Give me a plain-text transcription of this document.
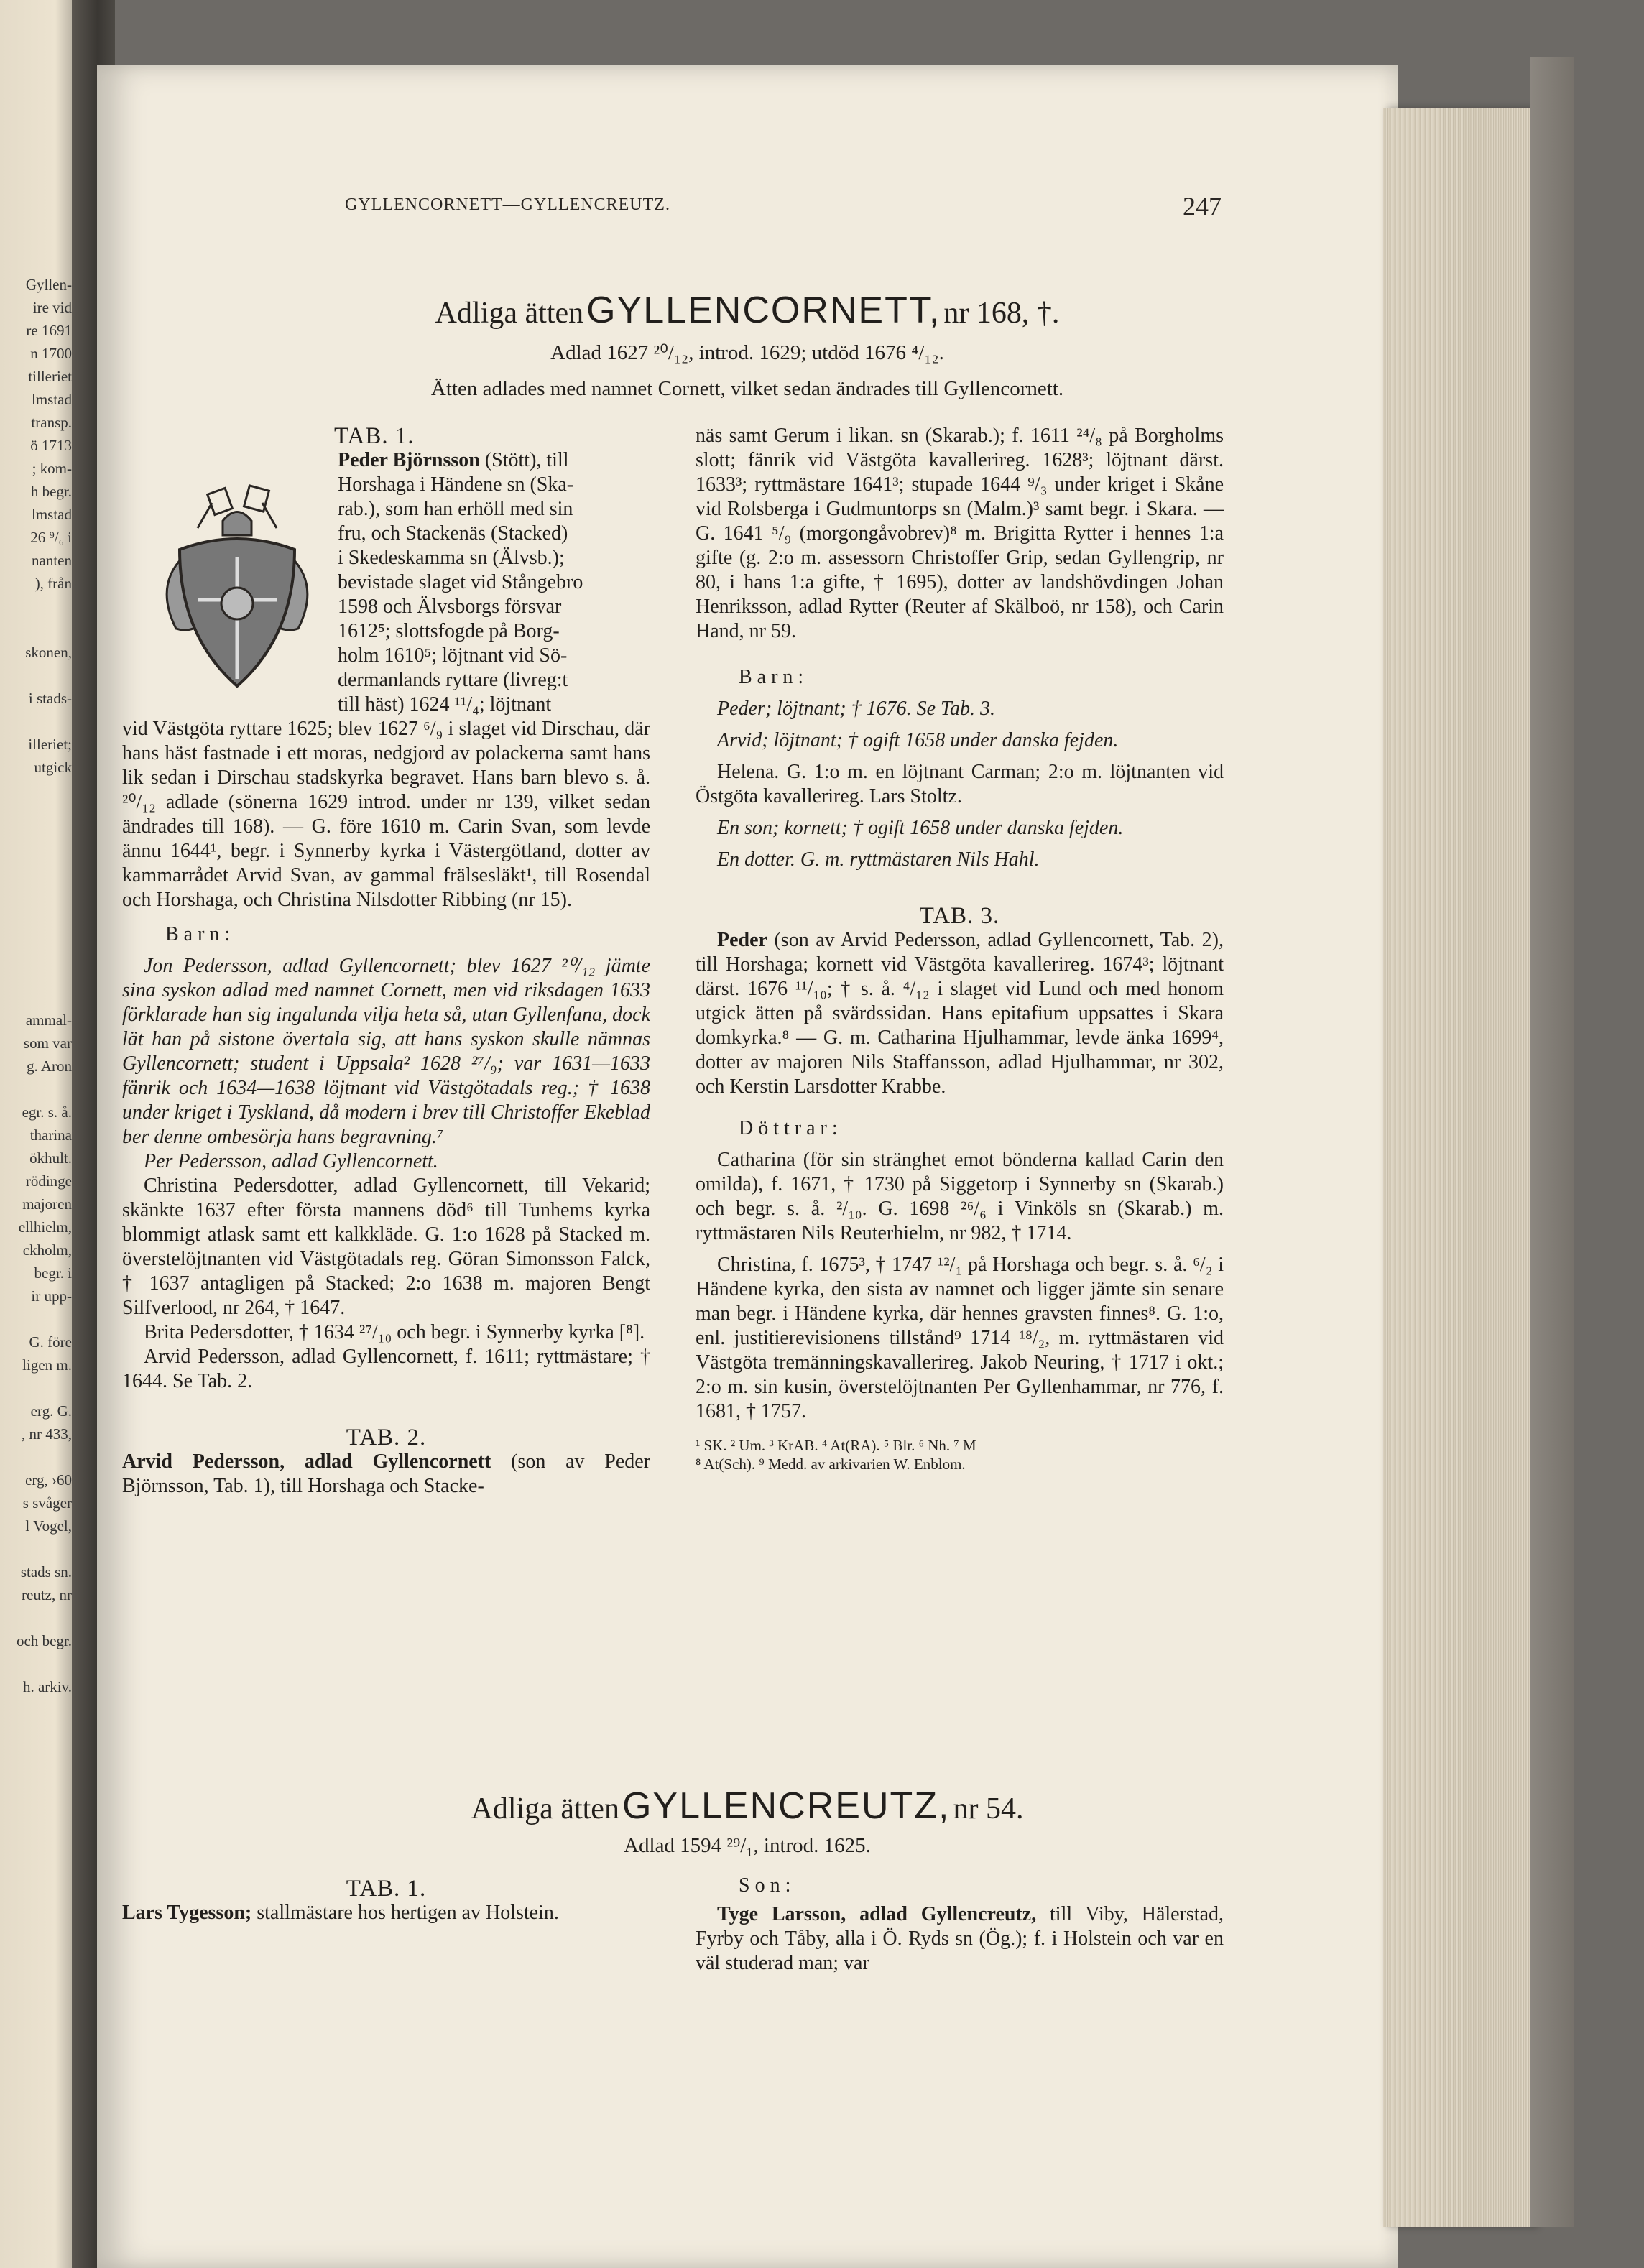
Gyllen-
ire vid
re 1691
n 1700
tilleriet
lmstad
transp.
ö 1713
; kom-
h begr.
lmstad
26 ⁹/₆ i
nanten
), från

skonen,

i stads-

illeriet;
utgick

ammal-
som var
g. Aron

egr. s. å.
tharina
ökhult.
rödinge
majoren
ellhielm,
ckholm,
begr. i
ir upp-

G. före
ligen m.

erg. G.
, nr 433,

erg, ›60
s svåger
l Vogel,

stads sn.
reutz, nr

och begr.

h. arkiv.
GYLLENCORNETT—GYLLENCREUTZ.	247
Adliga ätten GYLLENCORNETT, nr 168, †.
Adlad 1627 ²⁰/₁₂, introd. 1629; utdöd 1676 ⁴/₁₂.
Ätten adlades med namnet Cornett, vilket sedan ändrades till Gyllencornett.

TAB. 1.

Peder Björnsson (Stött), till
Horshaga i Händene sn (Ska-
rab.), som han erhöll med sin
fru, och Stackenäs (Stacked)
i Skedeskamma sn (Älvsb.);
bevistade slaget vid Stångebro
1598 och Älvsborgs försvar
1612⁵; slottsfogde på Borg-
holm 1610⁵; löjtnant vid Sö-
dermanlands ryttare (livreg:t
till häst) 1624 ¹¹/₄; löjtnant

vid Västgöta ryttare 1625; blev 1627 ⁶/₉ i slaget vid Dirschau, där hans häst fastnade i ett moras, nedgjord av polackerna samt hans lik sedan i Dirschau stadskyrka begravet. Hans barn blevo s. å. ²⁰/₁₂ adlade (sönerna 1629 introd. under nr 139, vilket sedan ändrades till 168). — G. före 1610 m. Carin Svan, som levde ännu 1644¹, begr. i Synnerby kyrka i Västergötland, dotter av kammarrådet Arvid Svan, av gammal frälsesläkt¹, till Rosendal och Horshaga, och Christina Nilsdotter Ribbing (nr 15).

Barn:

Jon Pedersson, adlad Gyllencornett; blev 1627 ²⁰/₁₂ jämte sina syskon adlad med namnet Cornett, men vid riksdagen 1633 förklarade han sig ingalunda vilja heta så, utan Gyllenfana, dock lät han på sistone övertala sig, att hans syskon skulle nämnas Gyllencornett; student i Uppsala² 1628 ²⁷/₉; var 1631—1633 fänrik och 1634—1638 löjtnant vid Västgötadals reg.; † 1638 under kriget i Tyskland, då modern i brev till Christoffer Ekeblad ber denne ombesörja hans begravning.⁷

Per Pedersson, adlad Gyllencornett.

Christina Pedersdotter, adlad Gyllencornett, till Vekarid; skänkte 1637 efter första mannens död⁶ till Tunhems kyrka blommigt atlask samt ett kalkkläde. G. 1:o 1628 på Stacked m. överstelöjtnanten vid Västgötadals reg. Göran Simonsson Falck, † 1637 antagligen på Stacked; 2:o 1638 m. majoren Bengt Silfverlood, nr 264, † 1647.

Brita Pedersdotter, † 1634 ²⁷/₁₀ och begr. i Synnerby kyrka [⁸].

Arvid Pedersson, adlad Gyllencornett, f. 1611; ryttmästare; † 1644. Se Tab. 2.

TAB. 2.

Arvid Pedersson, adlad Gyllencornett (son av Peder Björnsson, Tab. 1), till Horshaga och Stacke-

näs samt Gerum i likan. sn (Skarab.); f. 1611 ²⁴/₈ på Borgholms slott; fänrik vid Västgöta kavallerireg. 1628³; löjtnant därst. 1633³; ryttmästare 1641³; stupade 1644 ⁹/₃ under kriget i Skåne vid Rolsberga i Gudmuntorps sn (Malm.)³ samt begr. i Skara. — G. 1641 ⁵/₉ (morgongåvobrev)⁸ m. Brigitta Rytter i hennes 1:a gifte (g. 2:o m. assessorn Christoffer Grip, sedan Gyllengrip, nr 80, i hans 1:a gifte, † 1695), dotter av landshövdingen Johan Henriksson, adlad Rytter (Reuter af Skälboö, nr 158), och Carin Hand, nr 59.

Barn:

Peder; löjtnant; † 1676. Se Tab. 3.

Arvid; löjtnant; † ogift 1658 under danska fejden.

Helena. G. 1:o m. en löjtnant Carman; 2:o m. löjtnanten vid Östgöta kavallerireg. Lars Stoltz.

En son; kornett; † ogift 1658 under danska fejden.

En dotter. G. m. ryttmästaren Nils Hahl.

TAB. 3.

Peder (son av Arvid Pedersson, adlad Gyllencornett, Tab. 2), till Horshaga; kornett vid Västgöta kavallerireg. 1674³; löjtnant därst. 1676 ¹¹/₁₀; † s. å. ⁴/₁₂ i slaget vid Lund och med honom utgick ätten på svärdssidan. Hans epitafium uppsattes i Skara domkyrka.⁸ — G. m. Catharina Hjulhammar, levde änka 1699⁴, dotter av majoren Nils Staffansson, adlad Hjulhammar, nr 302, och Kerstin Larsdotter Krabbe.

Döttrar:

Catharina (för sin stränghet emot bönderna kallad Carin den omilda), f. 1671, † 1730 på Siggetorp i Synnerby sn (Skarab.) och begr. s. å. ²/₁₀. G. 1698 ²⁶/₆ i Vinköls sn (Skarab.) m. ryttmästaren Nils Reuterhielm, nr 982, † 1714.

Christina, f. 1675³, † 1747 ¹²/₁ på Horshaga och begr. s. å. ⁶/₂ i Händene kyrka, den sista av namnet och ligger jämte sin senare man begr. i Händene kyrka, där hennes gravsten finnes⁸. G. 1:o, enl. justitierevisionens tillstånd⁹ 1714 ¹⁸/₂, m. ryttmästaren vid Västgöta tremänningskavallerireg. Jakob Neuring, † 1717 i okt.; 2:o m. sin kusin, överstelöjtnanten Per Gyllenhammar, nr 776, f. 1681, † 1757.

¹ SK. ² Um. ³ KrAB. ⁴ At(RA). ⁵ Blr. ⁶ Nh. ⁷ M

⁸ At(Sch). ⁹ Medd. av arkivarien W. Enblom.

Adliga ätten GYLLENCREUTZ, nr 54.
Adlad 1594 ²⁹/₁, introd. 1625.

TAB. 1.

Lars Tygesson; stallmästare hos hertigen av Holstein.

Son:

Tyge Larsson, adlad Gyllencreutz, till Viby, Hälerstad, Fyrby och Tåby, alla i Ö. Ryds sn (Ög.); f. i Holstein och var en väl studerad man; var
